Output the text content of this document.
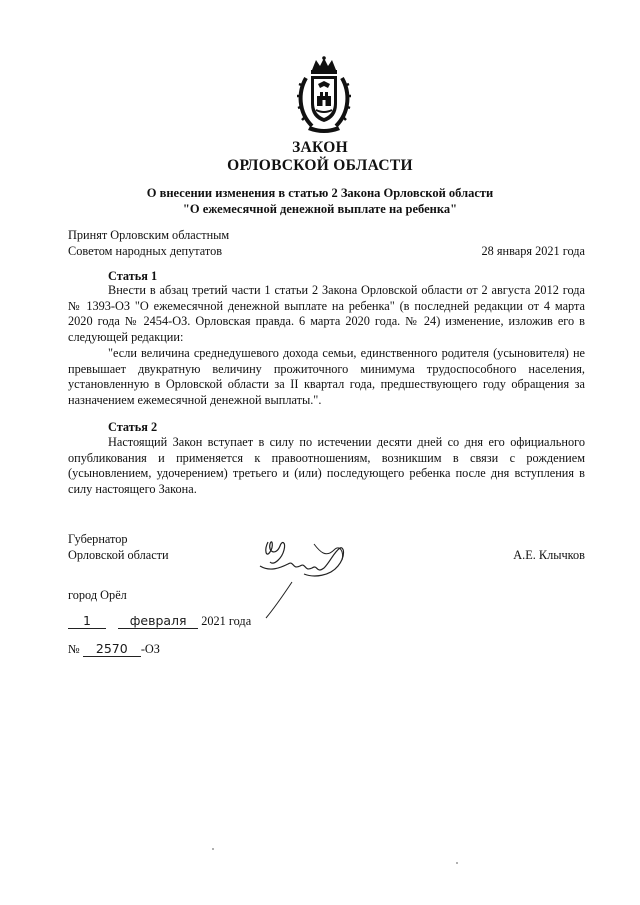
ЗАКОН
ОРЛОВСКОЙ ОБЛАСТИ
О внесении изменения в статью 2 Закона Орловской области
"О ежемесячной денежной выплате на ребенка"
Принят Орловским областным
Советом народных депутатов	28 января 2021 года
Статья 1
Внести в абзац третий части 1 статьи 2 Закона Орловской области от 2 августа 2012 года № 1393-ОЗ "О ежемесячной денежной выплате на ребенка" (в последней редакции от 4 марта 2020 года № 2454-ОЗ. Орловская правда. 6 марта 2020 года. № 24) изменение, изложив его в следующей редакции:
"если величина среднедушевого дохода семьи, единственного родителя (усыновителя) не превышает двукратную величину прожиточного минимума трудоспособного населения, установленную в Орловской области за II квартал года, предшествующего году обращения за назначением ежемесячной денежной выплаты.".
Статья 2
Настоящий Закон вступает в силу по истечении десяти дней со дня его официального опубликования и применяется к правоотношениям, возникшим в связи с рождением (усыновлением, удочерением) третьего и (или) последующего ребенка после дня вступления в силу настоящего Закона.
Губернатор
Орловской области	А.Е. Клычков
город Орёл
1	февраля 2021 года
№ 2570 -ОЗ
